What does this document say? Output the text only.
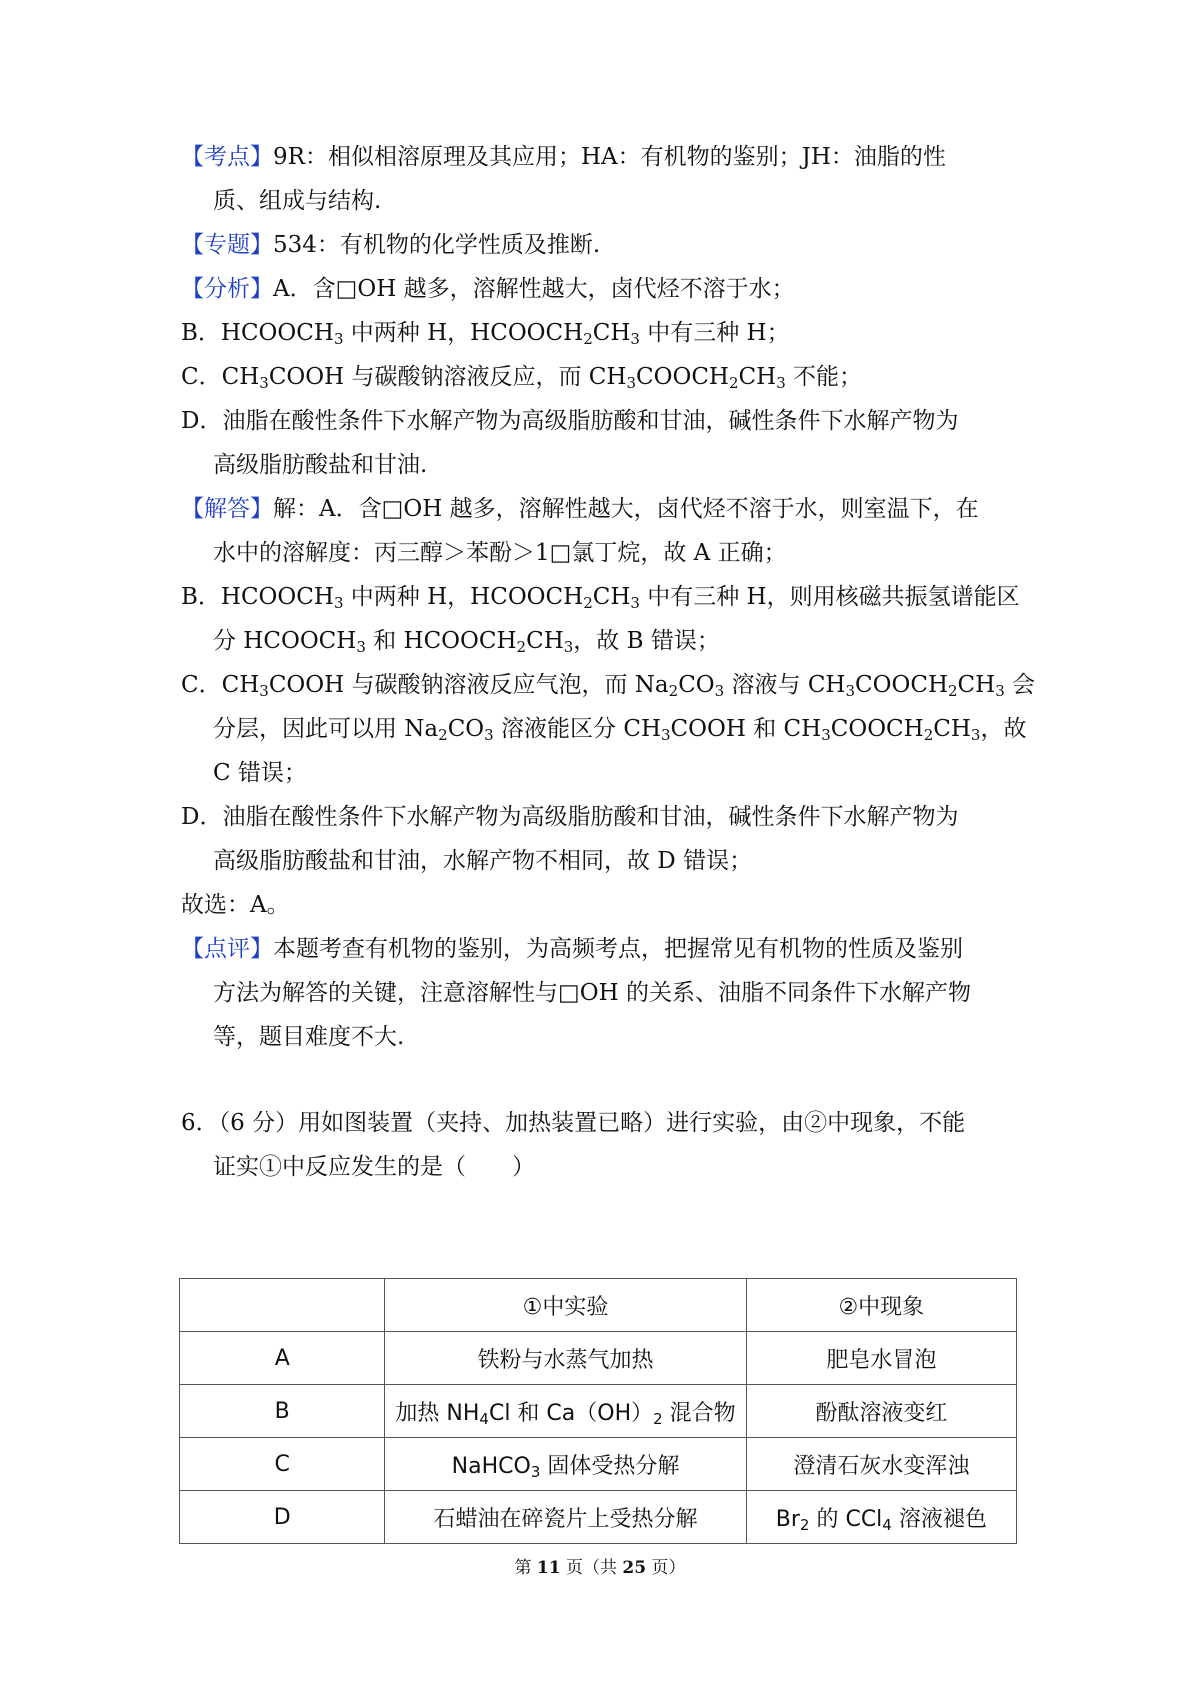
【考点】9R：相似相溶原理及其应用；HA：有机物的鉴别；JH：油脂的性
质、组成与结构.
【专题】534：有机物的化学性质及推断.
【分析】A．含□OH 越多，溶解性越大，卤代烃不溶于水；
B．$HCOOCH_3$ 中两种 H，$HCOOCH_2CH_3$ 中有三种 H；
C．$CH_3COOH$ 与碳酸钠溶液反应，而 $CH_3COOCH_2CH_3$ 不能；
D．油脂在酸性条件下水解产物为高级脂肪酸和甘油，碱性条件下水解产物为
高级脂肪酸盐和甘油.
【解答】解：A．含□OH 越多，溶解性越大，卤代烃不溶于水，则室温下，在
水中的溶解度：丙三醇＞苯酚＞1□氯丁烷，故 A 正确；
B．$HCOOCH_3$ 中两种 H，$HCOOCH_2CH_3$ 中有三种 H，则用核磁共振氢谱能区
分 $HCOOCH_3$ 和 $HCOOCH_2CH_3$，故 B 错误；
C．$CH_3COOH$ 与碳酸钠溶液反应气泡，而 $Na_2CO_3$ 溶液与 $CH_3COOCH_2CH_3$ 会
分层，因此可以用 $Na_2CO_3$ 溶液能区分 $CH_3COOH$ 和 $CH_3COOCH_2CH_3$，故
C 错误；
D．油脂在酸性条件下水解产物为高级脂肪酸和甘油，碱性条件下水解产物为
高级脂肪酸盐和甘油，水解产物不相同，故 D 错误；
故选：A。
【点评】本题考查有机物的鉴别，为高频考点，把握常见有机物的性质及鉴别
方法为解答的关键，注意溶解性与□OH 的关系、油脂不同条件下水解产物
等，题目难度不大.
6．（6 分）用如图装置（夹持、加热装置已略）进行实验，由②中现象，不能
证实①中反应发生的是（　　）
	①中实验	②中现象
A	铁粉与水蒸气加热	肥皂水冒泡
B	加热 $NH_4Cl$ 和 $Ca(OH)_2$ 混合物	酚酞溶液变红
C	NaHCO$_3$ 固体受热分解	澄清石灰水变浑浊
D	石蜡油在碎瓷片上受热分解	$Br_2$ 的 CCl$_4$ 溶液褪色
第 11 页（共 25 页）
